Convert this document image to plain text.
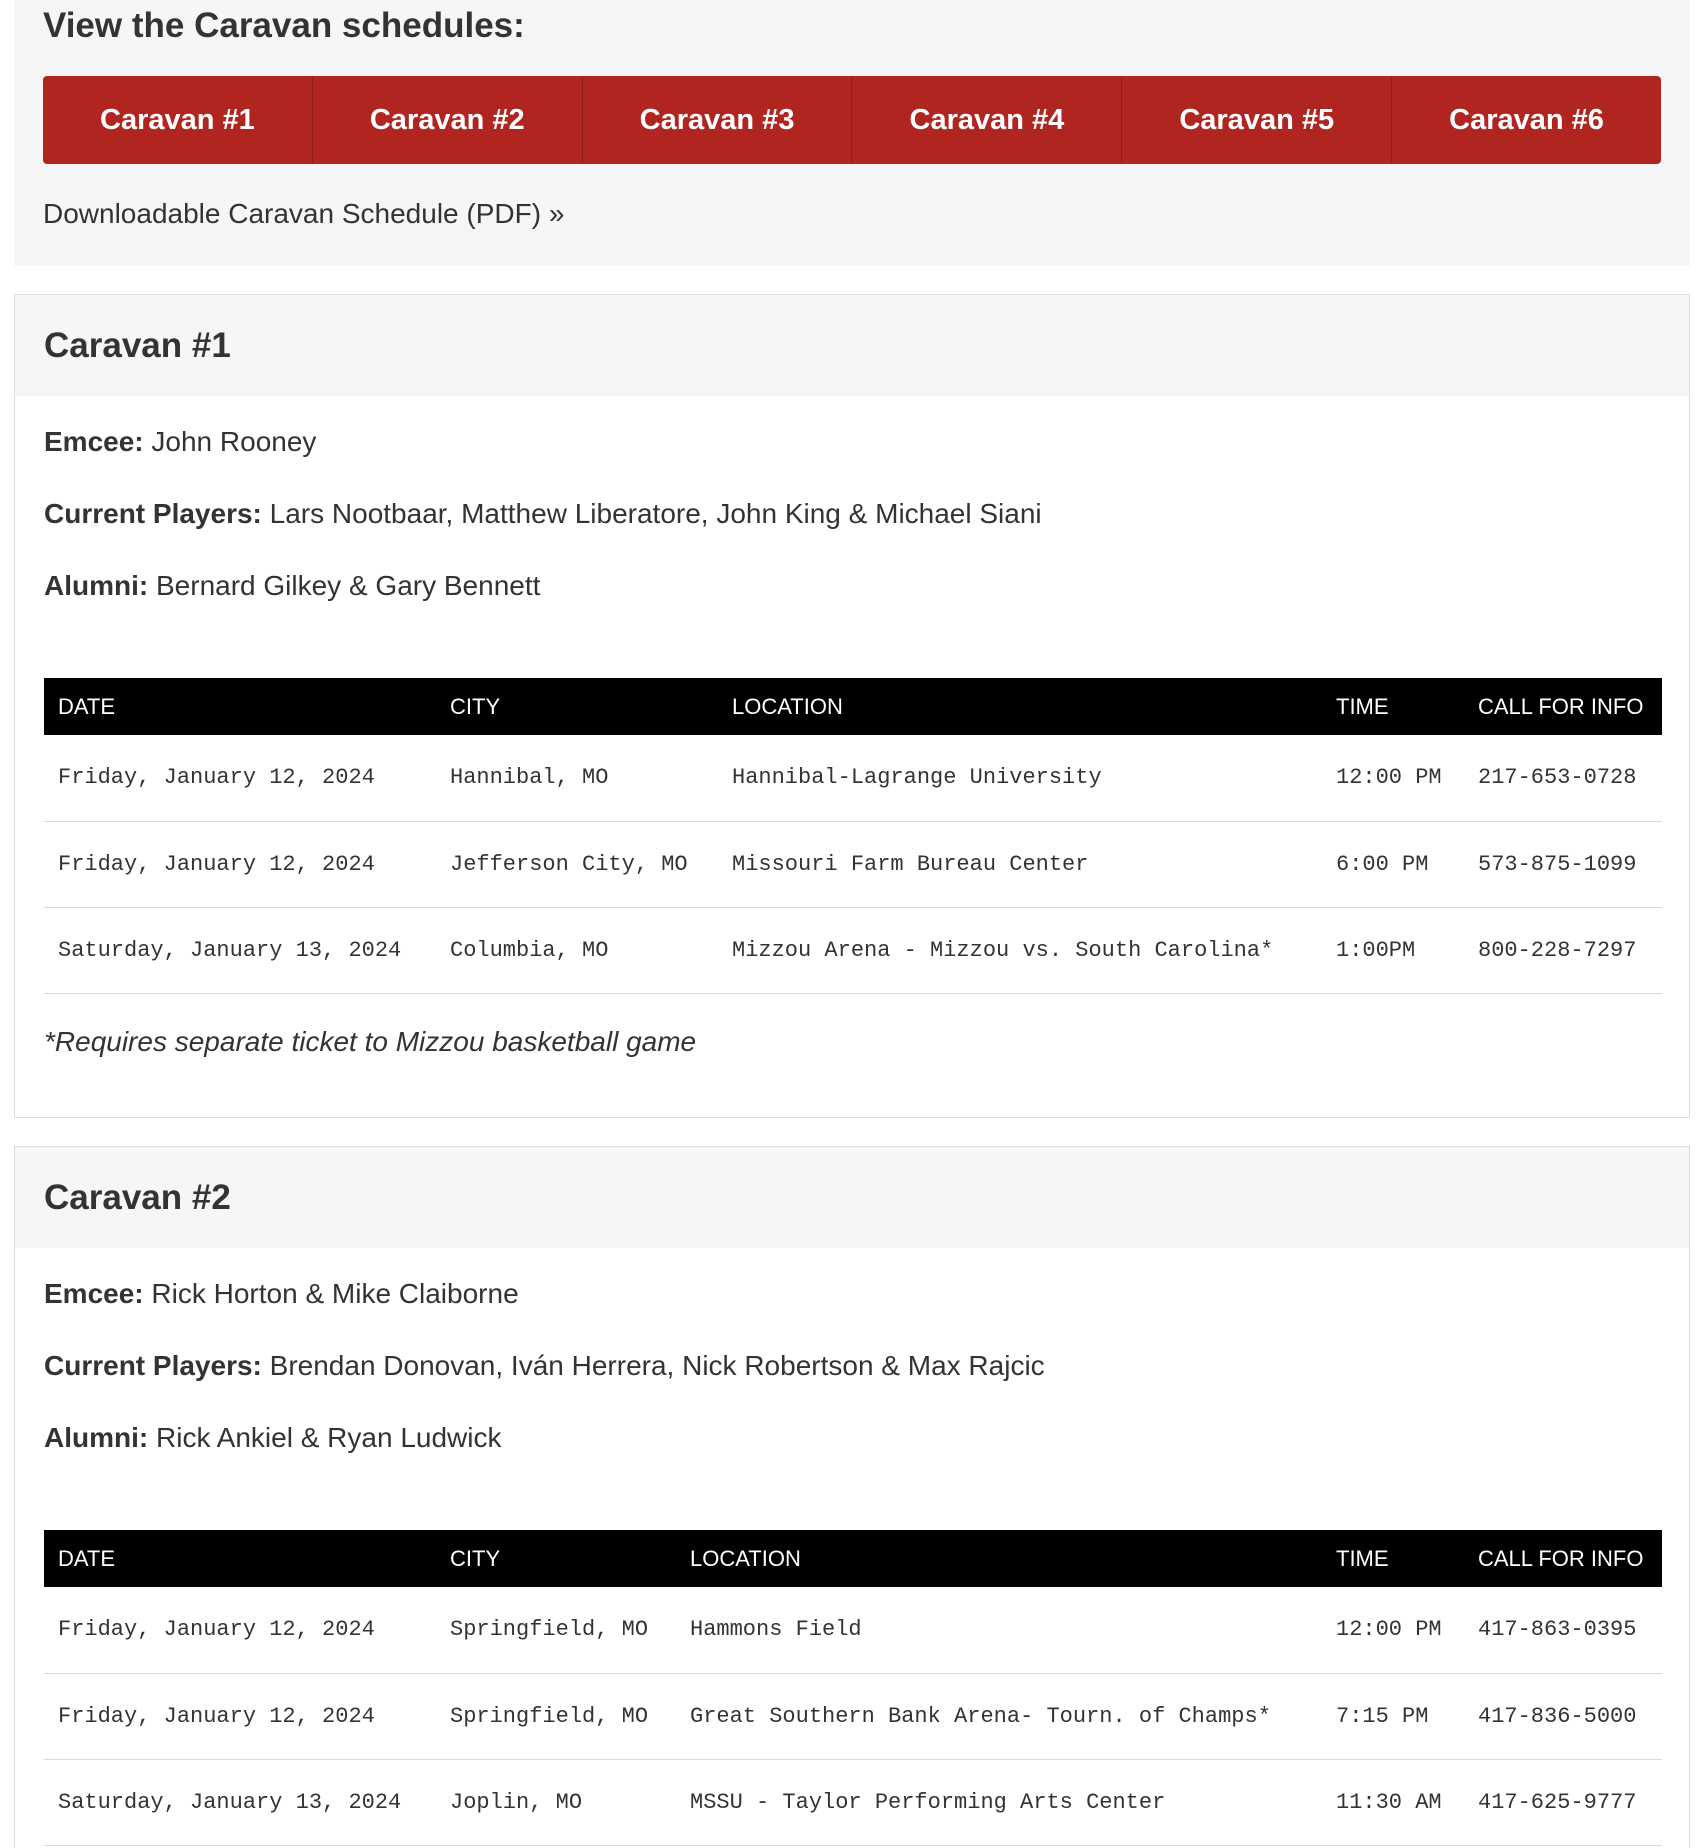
View the Caravan schedules:
Caravan #1	Caravan #2	Caravan #3	Caravan #4	Caravan #5	Caravan #6
Downloadable Caravan Schedule (PDF) »
Caravan #1
Emcee: John Rooney
Current Players: Lars Nootbaar, Matthew Liberatore, John King & Michael Siani
Alumni: Bernard Gilkey & Gary Bennett
DATE	CITY	LOCATION	TIME	CALL FOR INFO
Friday, January 12, 2024	Hannibal, MO	Hannibal-Lagrange University	12:00 PM	217-653-0728
Friday, January 12, 2024	Jefferson City, MO	Missouri Farm Bureau Center	6:00 PM	573-875-1099
Saturday, January 13, 2024	Columbia, MO	Mizzou Arena - Mizzou vs. South Carolina*	1:00PM	800-228-7297
*Requires separate ticket to Mizzou basketball game
Caravan #2
Emcee: Rick Horton & Mike Claiborne
Current Players: Brendan Donovan, Iván Herrera, Nick Robertson & Max Rajcic
Alumni: Rick Ankiel & Ryan Ludwick
DATE	CITY	LOCATION	TIME	CALL FOR INFO
Friday, January 12, 2024	Springfield, MO	Hammons Field	12:00 PM	417-863-0395
Friday, January 12, 2024	Springfield, MO	Great Southern Bank Arena- Tourn. of Champs*	7:15 PM	417-836-5000
Saturday, January 13, 2024	Joplin, MO	MSSU - Taylor Performing Arts Center	11:30 AM	417-625-9777
